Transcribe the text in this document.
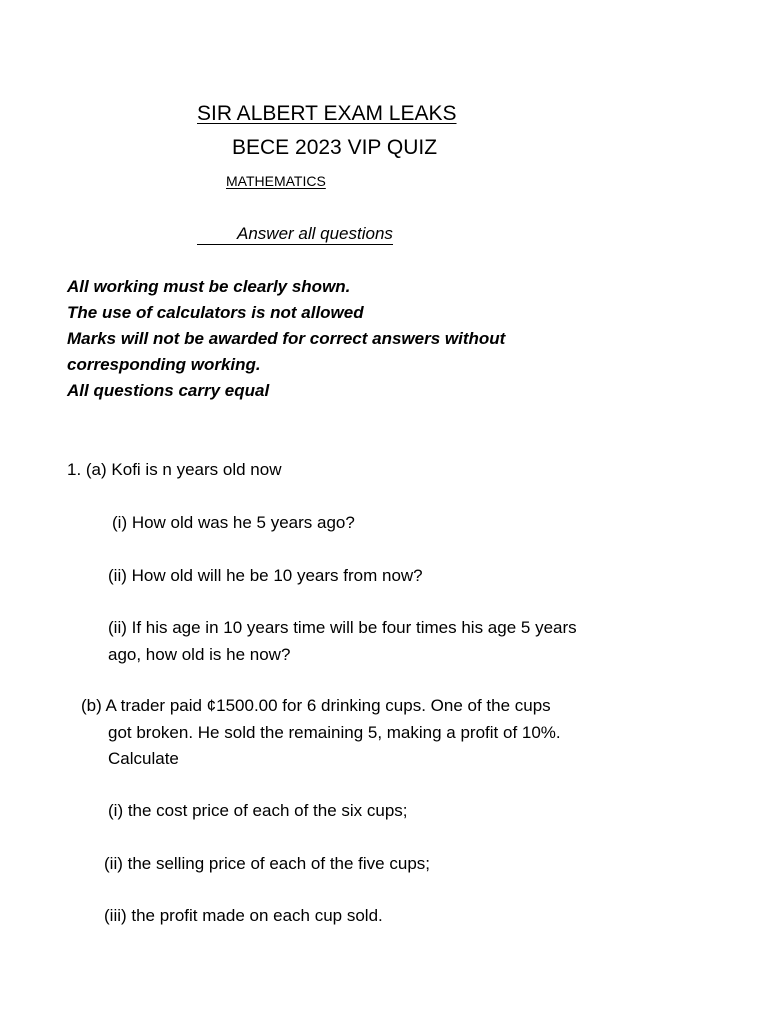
SIR ALBERT EXAM LEAKS
BECE 2023 VIP QUIZ
MATHEMATICS
Answer all questions
All working must be clearly shown.
The use of calculators is not allowed
Marks will not be awarded for correct answers without
corresponding working.
All questions carry equal
1. (a) Kofi is n years old now
(i) How old was he 5 years ago?
(ii) How old will he be 10 years from now?
(ii) If his age in 10 years time will be four times his age 5 years
ago, how old is he now?
(b) A trader paid ¢1500.00 for 6 drinking cups. One of the cups
got broken. He sold the remaining 5, making a profit of 10%.
Calculate
(i) the cost price of each of the six cups;
(ii) the selling price of each of the five cups;
(iii) the profit made on each cup sold.
